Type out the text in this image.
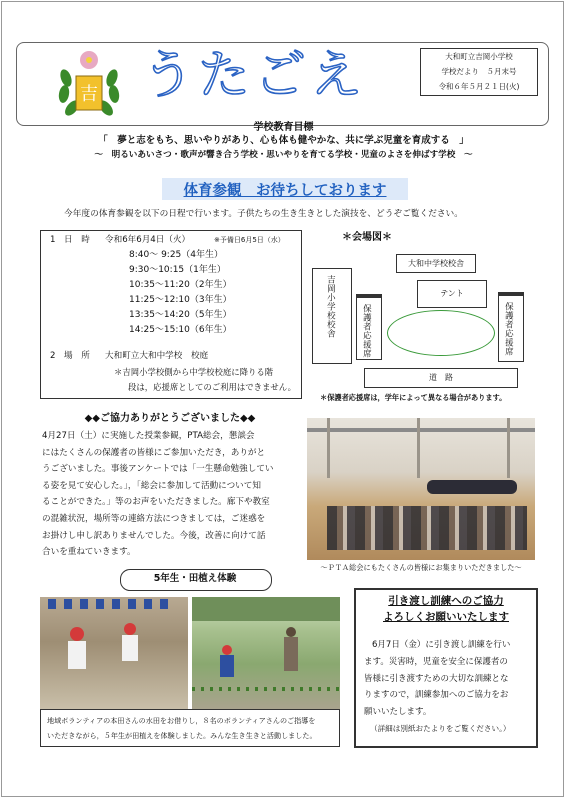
吉 うたごえ	大和町立吉岡小学校
学校だより　５月末号
令和６年５月２１日(火)
学校教育目標
「　夢と志をもち、思いやりがあり、心も体も健やかな、共に学ぶ児童を育成する　」
～　明るいあいさつ・歌声が響き合う学校・思いやりを育てる学校・児童のよさを伸ばす学校　～
体育参観　お待ちしております
今年度の体育参観を以下の日程で行います。子供たちの生き生きとした演技を、どうぞご覧ください。
1　日　時 令和6年6月4日（火）	※予備日6月5日（水）
8:40～ 9:25（4年生）
9:30～10:15（1年生）
10:35～11:20（2年生）
11:25～12:10（3年生）
13:35～14:20（5年生）
14:25～15:10（6年生）
2　場　所 大和町立大和中学校　校庭
＊吉岡小学校側から中学校校庭に降りる階
段は，応援席としてのご利用はできません。
＊会場図＊
大和中学校校舎
テント
吉岡小学校校舎	保護者応援席	保護者応援席
道　路
＊保護者応援席は，学年によって異なる場合があります。
◆◆ご協力ありがとうございました◆◆
4月27日（土）に実施した授業参観，PTA総会，懇談会
にはたくさんの保護者の皆様にご参加いただき，ありがと
うございました。事後アンケートでは「一生懸命勉強してい
る姿を見て安心した。」，「総会に参加して活動について知
ることができた。」等のお声をいただきました。廊下や教室
の混雑状況，場所等の連絡方法につきましては，ご迷惑を
お掛けし申し訳ありませんでした。今後，改善に向けて話
合いを重ねていきます。
～ＰＴＡ総会にもたくさんの皆様にお集まりいただきました～
5年生・田植え体験
地域ボランティアの本田さんの水田をお借りし，８名のボランティアさんのご指導を
いただきながら，５年生が田植えを体験しました。みんな生き生きと活動しました。
引き渡し訓練へのご協力
よろしくお願いいたします
6月7日（金）に引き渡し訓練を行い
ます。災害時，児童を安全に保護者の
皆様に引き渡すための大切な訓練とな
りますので，訓練参加へのご協力をお
願いいたします。
（詳細は別紙おたよりをご覧ください。）
